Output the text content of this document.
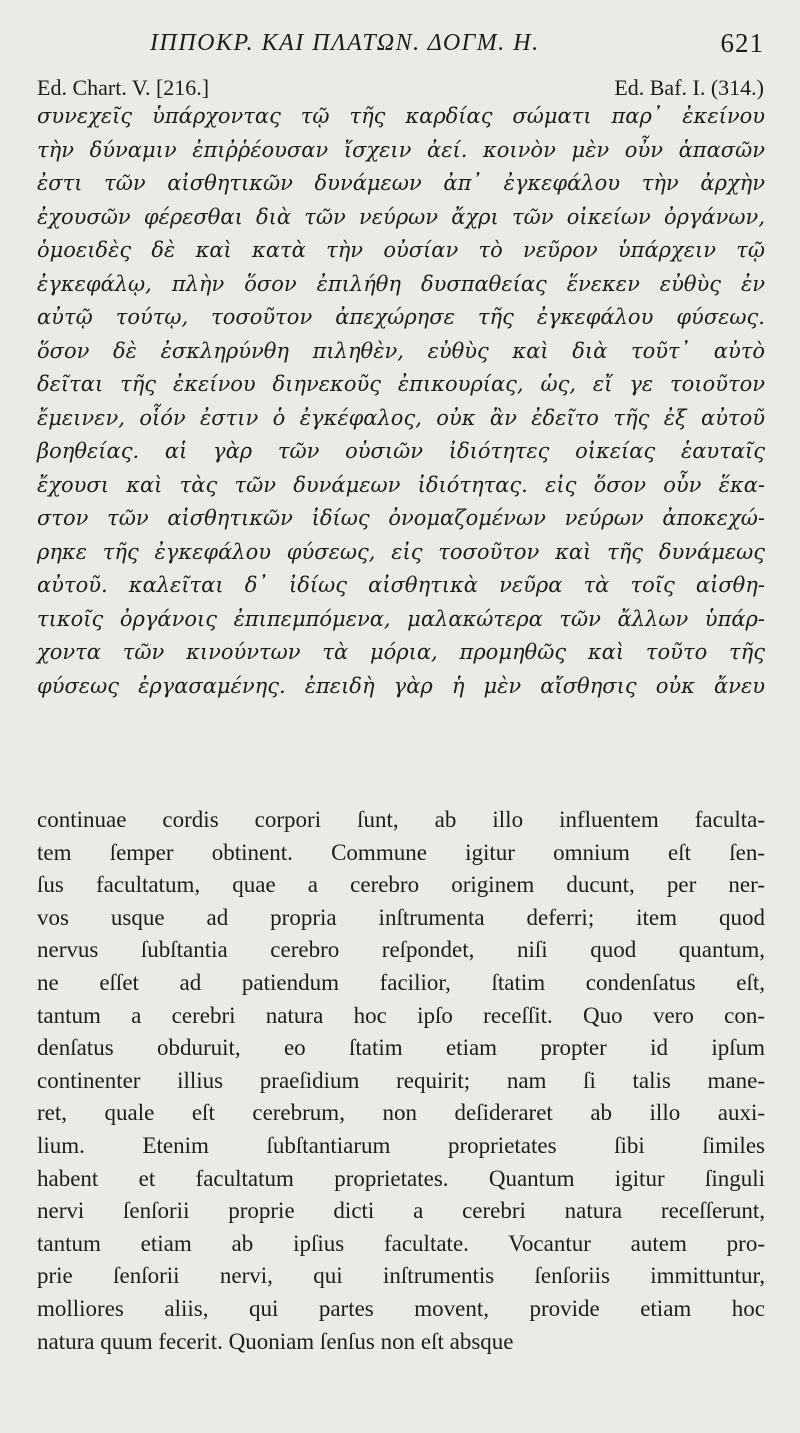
ΙΠΠΟΚΡ. ΚΑΙ ΠΛΑΤΩΝ. ΔΟΓΜ. Η.	621
Ed. Chart. V. [216.]	Ed. Baf. I. (314.)
συνεχεῖς ὑπάρχοντας τῷ τῆς καρδίας σώματι παρ᾽ ἐκείνου
τὴν δύναμιν ἐπιῤῥέουσαν ἴσχειν ἀεί. κοινὸν μὲν οὖν ἁπασῶν
ἐστι τῶν αἰσθητικῶν δυνάμεων ἀπ᾽ ἐγκεφάλου τὴν ἀρχὴν
ἐχουσῶν φέρεσθαι διὰ τῶν νεύρων ἄχρι τῶν οἰκείων ὀργάνων,
ὁμοειδὲς δὲ καὶ κατὰ τὴν οὐσίαν τὸ νεῦρον ὑπάρχειν τῷ
ἐγκεφάλῳ, πλὴν ὅσον ἐπιλήθη δυσπαθείας ἕνεκεν εὐθὺς ἐν
αὐτῷ τούτῳ, τοσοῦτον ἀπεχώρησε τῆς ἐγκεφάλου φύσεως.
ὅσον δὲ ἐσκληρύνθη πιληθὲν, εὐθὺς καὶ διὰ τοῦτ᾽ αὐτὸ
δεῖται τῆς ἐκείνου διηνεκοῦς ἐπικουρίας, ὡς, εἴ γε τοιοῦτον
ἔμεινεν, οἷόν ἐστιν ὁ ἐγκέφαλος, οὐκ ἂν ἐδεῖτο τῆς ἐξ αὐτοῦ
βοηθείας. αἱ γὰρ τῶν οὐσιῶν ἰδιότητες οἰκείας ἑαυταῖς
ἔχουσι καὶ τὰς τῶν δυνάμεων ἰδιότητας. εἰς ὅσον οὖν ἕκα-
στον τῶν αἰσθητικῶν ἰδίως ὀνομαζομένων νεύρων ἀποκεχώ-
ρηκε τῆς ἐγκεφάλου φύσεως, εἰς τοσοῦτον καὶ τῆς δυνάμεως
αὐτοῦ. καλεῖται δ᾽ ἰδίως αἰσθητικὰ νεῦρα τὰ τοῖς αἰσθη-
τικοῖς ὀργάνοις ἐπιπεμπόμενα, μαλακώτερα τῶν ἄλλων ὑπάρ-
χοντα τῶν κινούντων τὰ μόρια, προμηθῶς καὶ τοῦτο τῆς
φύσεως ἐργασαμένης. ἐπειδὴ γὰρ ἡ μὲν αἴσθησις οὐκ ἄνευ
continuae cordis corpori ſunt, ab illo influentem faculta-
tem ſemper obtinent. Commune igitur omnium eſt ſen-
ſus facultatum, quae a cerebro originem ducunt, per ner-
vos usque ad propria inſtrumenta deferri; item quod
nervus ſubſtantia cerebro reſpondet, niſi quod quantum,
ne eſſet ad patiendum facilior, ſtatim condenſatus eſt,
tantum a cerebri natura hoc ipſo receſſit. Quo vero con-
denſatus obduruit, eo ſtatim etiam propter id ipſum
continenter illius praeſidium requirit; nam ſi talis mane-
ret, quale eſt cerebrum, non deſideraret ab illo auxi-
lium. Etenim ſubſtantiarum proprietates ſibi ſimiles
habent et facultatum proprietates. Quantum igitur ſinguli
nervi ſenſorii proprie dicti a cerebri natura receſſerunt,
tantum etiam ab ipſius facultate. Vocantur autem pro-
prie ſenſorii nervi, qui inſtrumentis ſenſoriis immittuntur,
molliores aliis, qui partes movent, provide etiam hoc
natura quum fecerit. Quoniam ſenſus non eſt absque
